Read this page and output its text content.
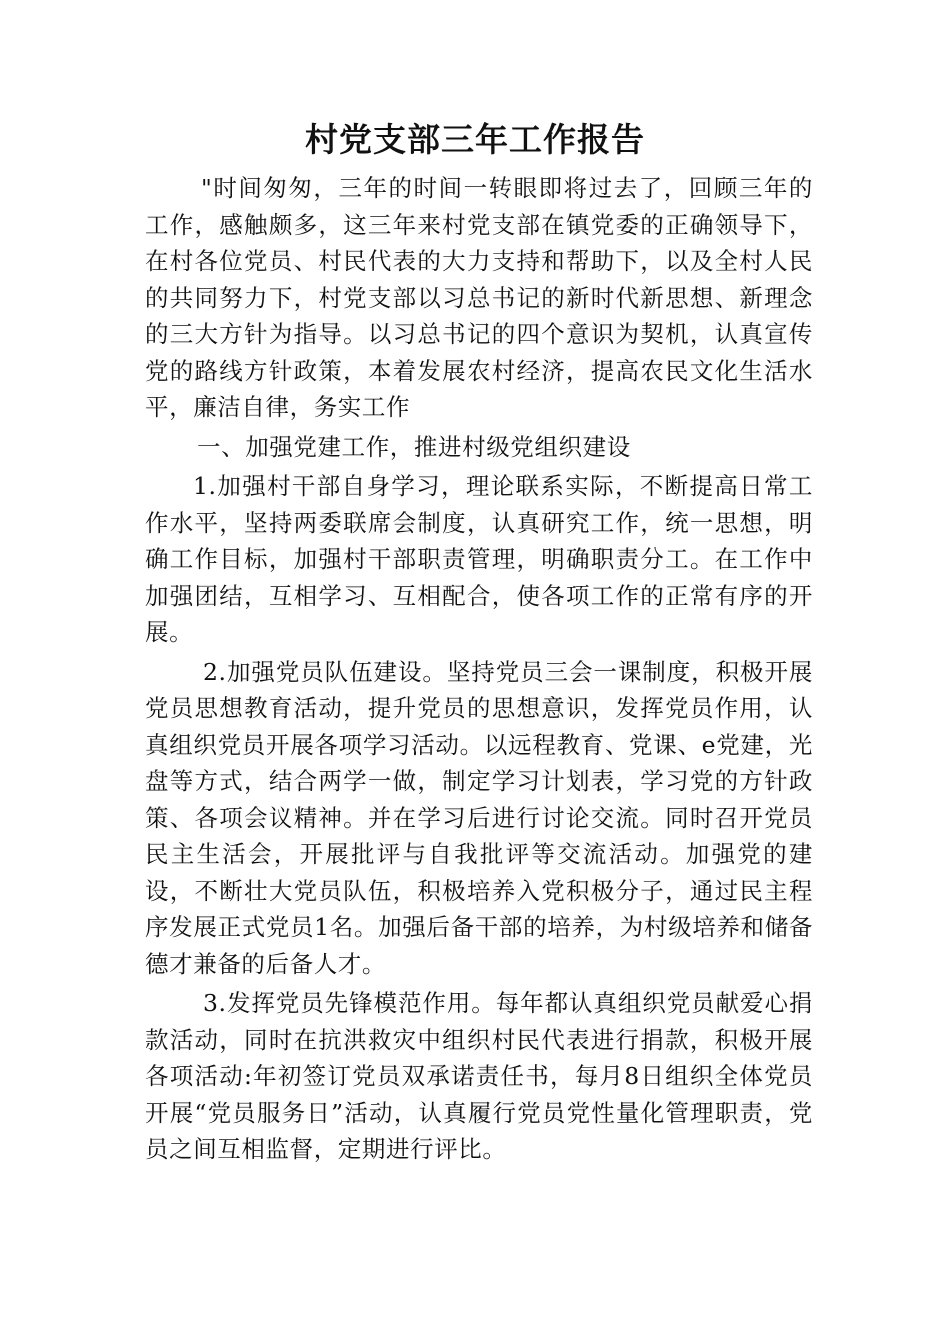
村党支部三年工作报告

"时间匆匆，三年的时间一转眼即将过去了，回顾三年的工作，感触颇多，这三年来村党支部在镇党委的正确领导下，在村各位党员、村民代表的大力支持和帮助下，以及全村人民的共同努力下，村党支部以习总书记的新时代新思想、新理念的三大方针为指导。以习总书记的四个意识为契机，认真宣传党的路线方针政策，本着发展农村经济，提高农民文化生活水平，廉洁自律，务实工作

一、加强党建工作，推进村级党组织建设

1.加强村干部自身学习，理论联系实际，不断提高日常工作水平，坚持两委联席会制度，认真研究工作，统一思想，明确工作目标，加强村干部职责管理，明确职责分工。在工作中加强团结，互相学习、互相配合，使各项工作的正常有序的开展。

2.加强党员队伍建设。坚持党员三会一课制度，积极开展党员思想教育活动，提升党员的思想意识，发挥党员作用，认真组织党员开展各项学习活动。以远程教育、党课、e党建，光盘等方式，结合两学一做，制定学习计划表，学习党的方针政策、各项会议精神。并在学习后进行讨论交流。同时召开党员民主生活会，开展批评与自我批评等交流活动。加强党的建设，不断壮大党员队伍，积极培养入党积极分子，通过民主程序发展正式党员1名。加强后备干部的培养，为村级培养和储备德才兼备的后备人才。

3.发挥党员先锋模范作用。每年都认真组织党员献爱心捐款活动，同时在抗洪救灾中组织村民代表进行捐款，积极开展各项活动:年初签订党员双承诺责任书，每月8日组织全体党员开展“党员服务日”活动，认真履行党员党性量化管理职责，党员之间互相监督，定期进行评比。
